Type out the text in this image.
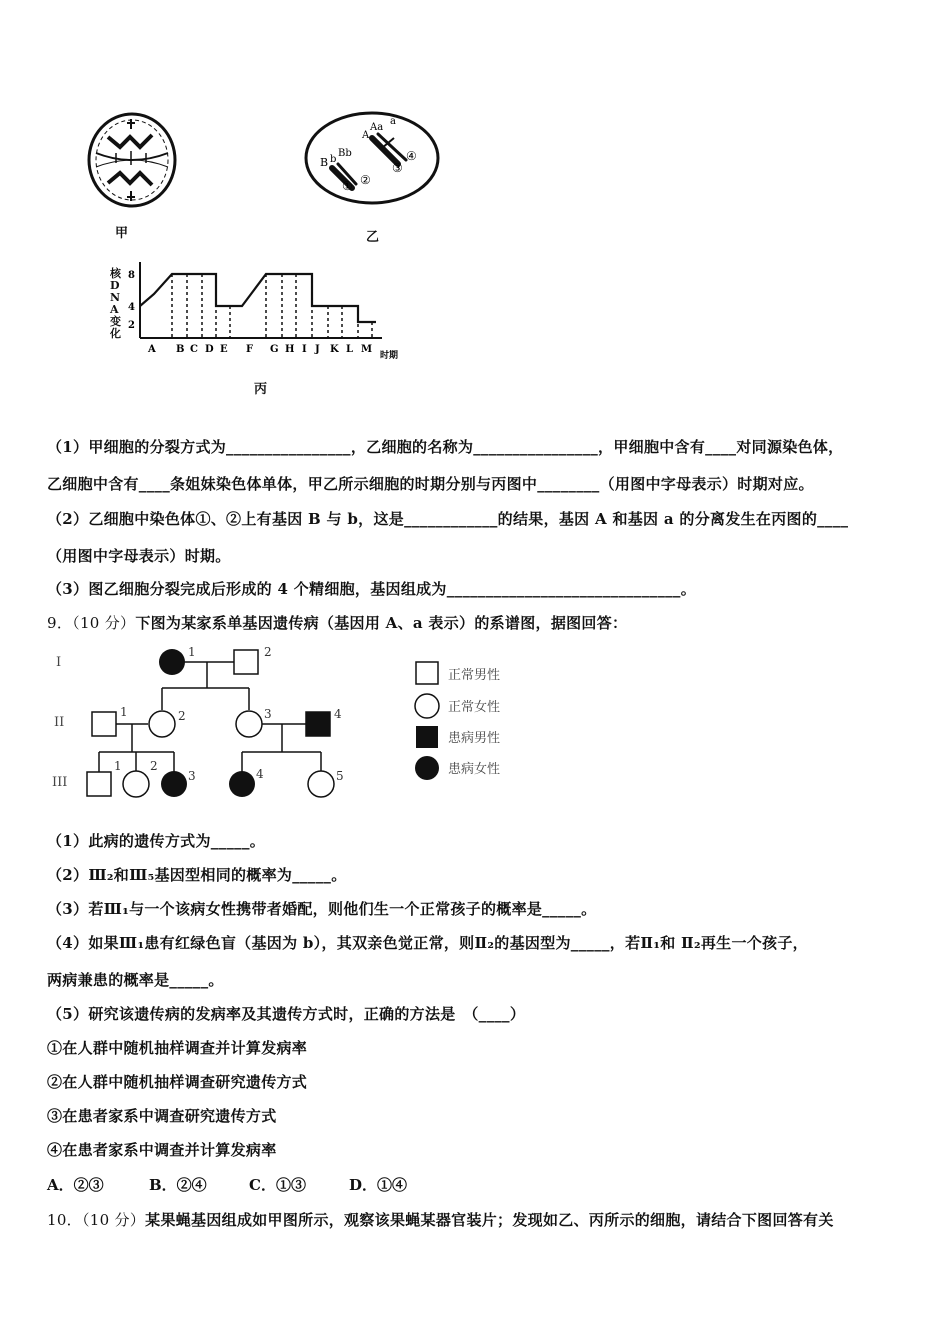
甲
B b
Bb
A
Aa
a
① ②
③
④
乙
核DNA变化
8
4
2
A B C D E F G H I J K L M
时期
丙
（1）甲细胞的分裂方式为________________，乙细胞的名称为________________，甲细胞中含有____对同源染色体，
乙细胞中含有____条姐妹染色体单体，甲乙所示细胞的时期分别与丙图中________（用图中字母表示）时期对应。
（2）乙细胞中染色体①、②上有基因 B 与 b，这是____________的结果，基因 A 和基因 a 的分离发生在丙图的____
（用图中字母表示）时期。
（3）图乙细胞分裂完成后形成的 4 个精细胞，基因组成为______________________________。
9．（10 分）下图为某家系单基因遗传病（基因用 A、a 表示）的系谱图，据图回答：
I
II
III
1	2
1	2	3	4
1 2
3	4	5
正常男性
正常女性
患病男性
患病女性
（1）此病的遗传方式为_____。
（2）Ⅲ₂和Ⅲ₅基因型相同的概率为_____。
（3）若Ⅲ₁与一个该病女性携带者婚配，则他们生一个正常孩子的概率是_____。
（4）如果Ⅲ₁患有红绿色盲（基因为 b），其双亲色觉正常，则Ⅱ₂的基因型为_____，若Ⅱ₁和 Ⅱ₂再生一个孩子，
两病兼患的概率是_____。
（5）研究该遗传病的发病率及其遗传方式时，正确的方法是　（____）
①在人群中随机抽样调查并计算发病率
②在人群中随机抽样调查研究遗传方式
③在患者家系中调查研究遗传方式
④在患者家系中调查并计算发病率
A．②③	B．②④	C．①③	D．①④
10．（10 分）某果蝇基因组成如甲图所示，观察该果蝇某器官装片；发现如乙、丙所示的细胞，请结合下图回答有关
